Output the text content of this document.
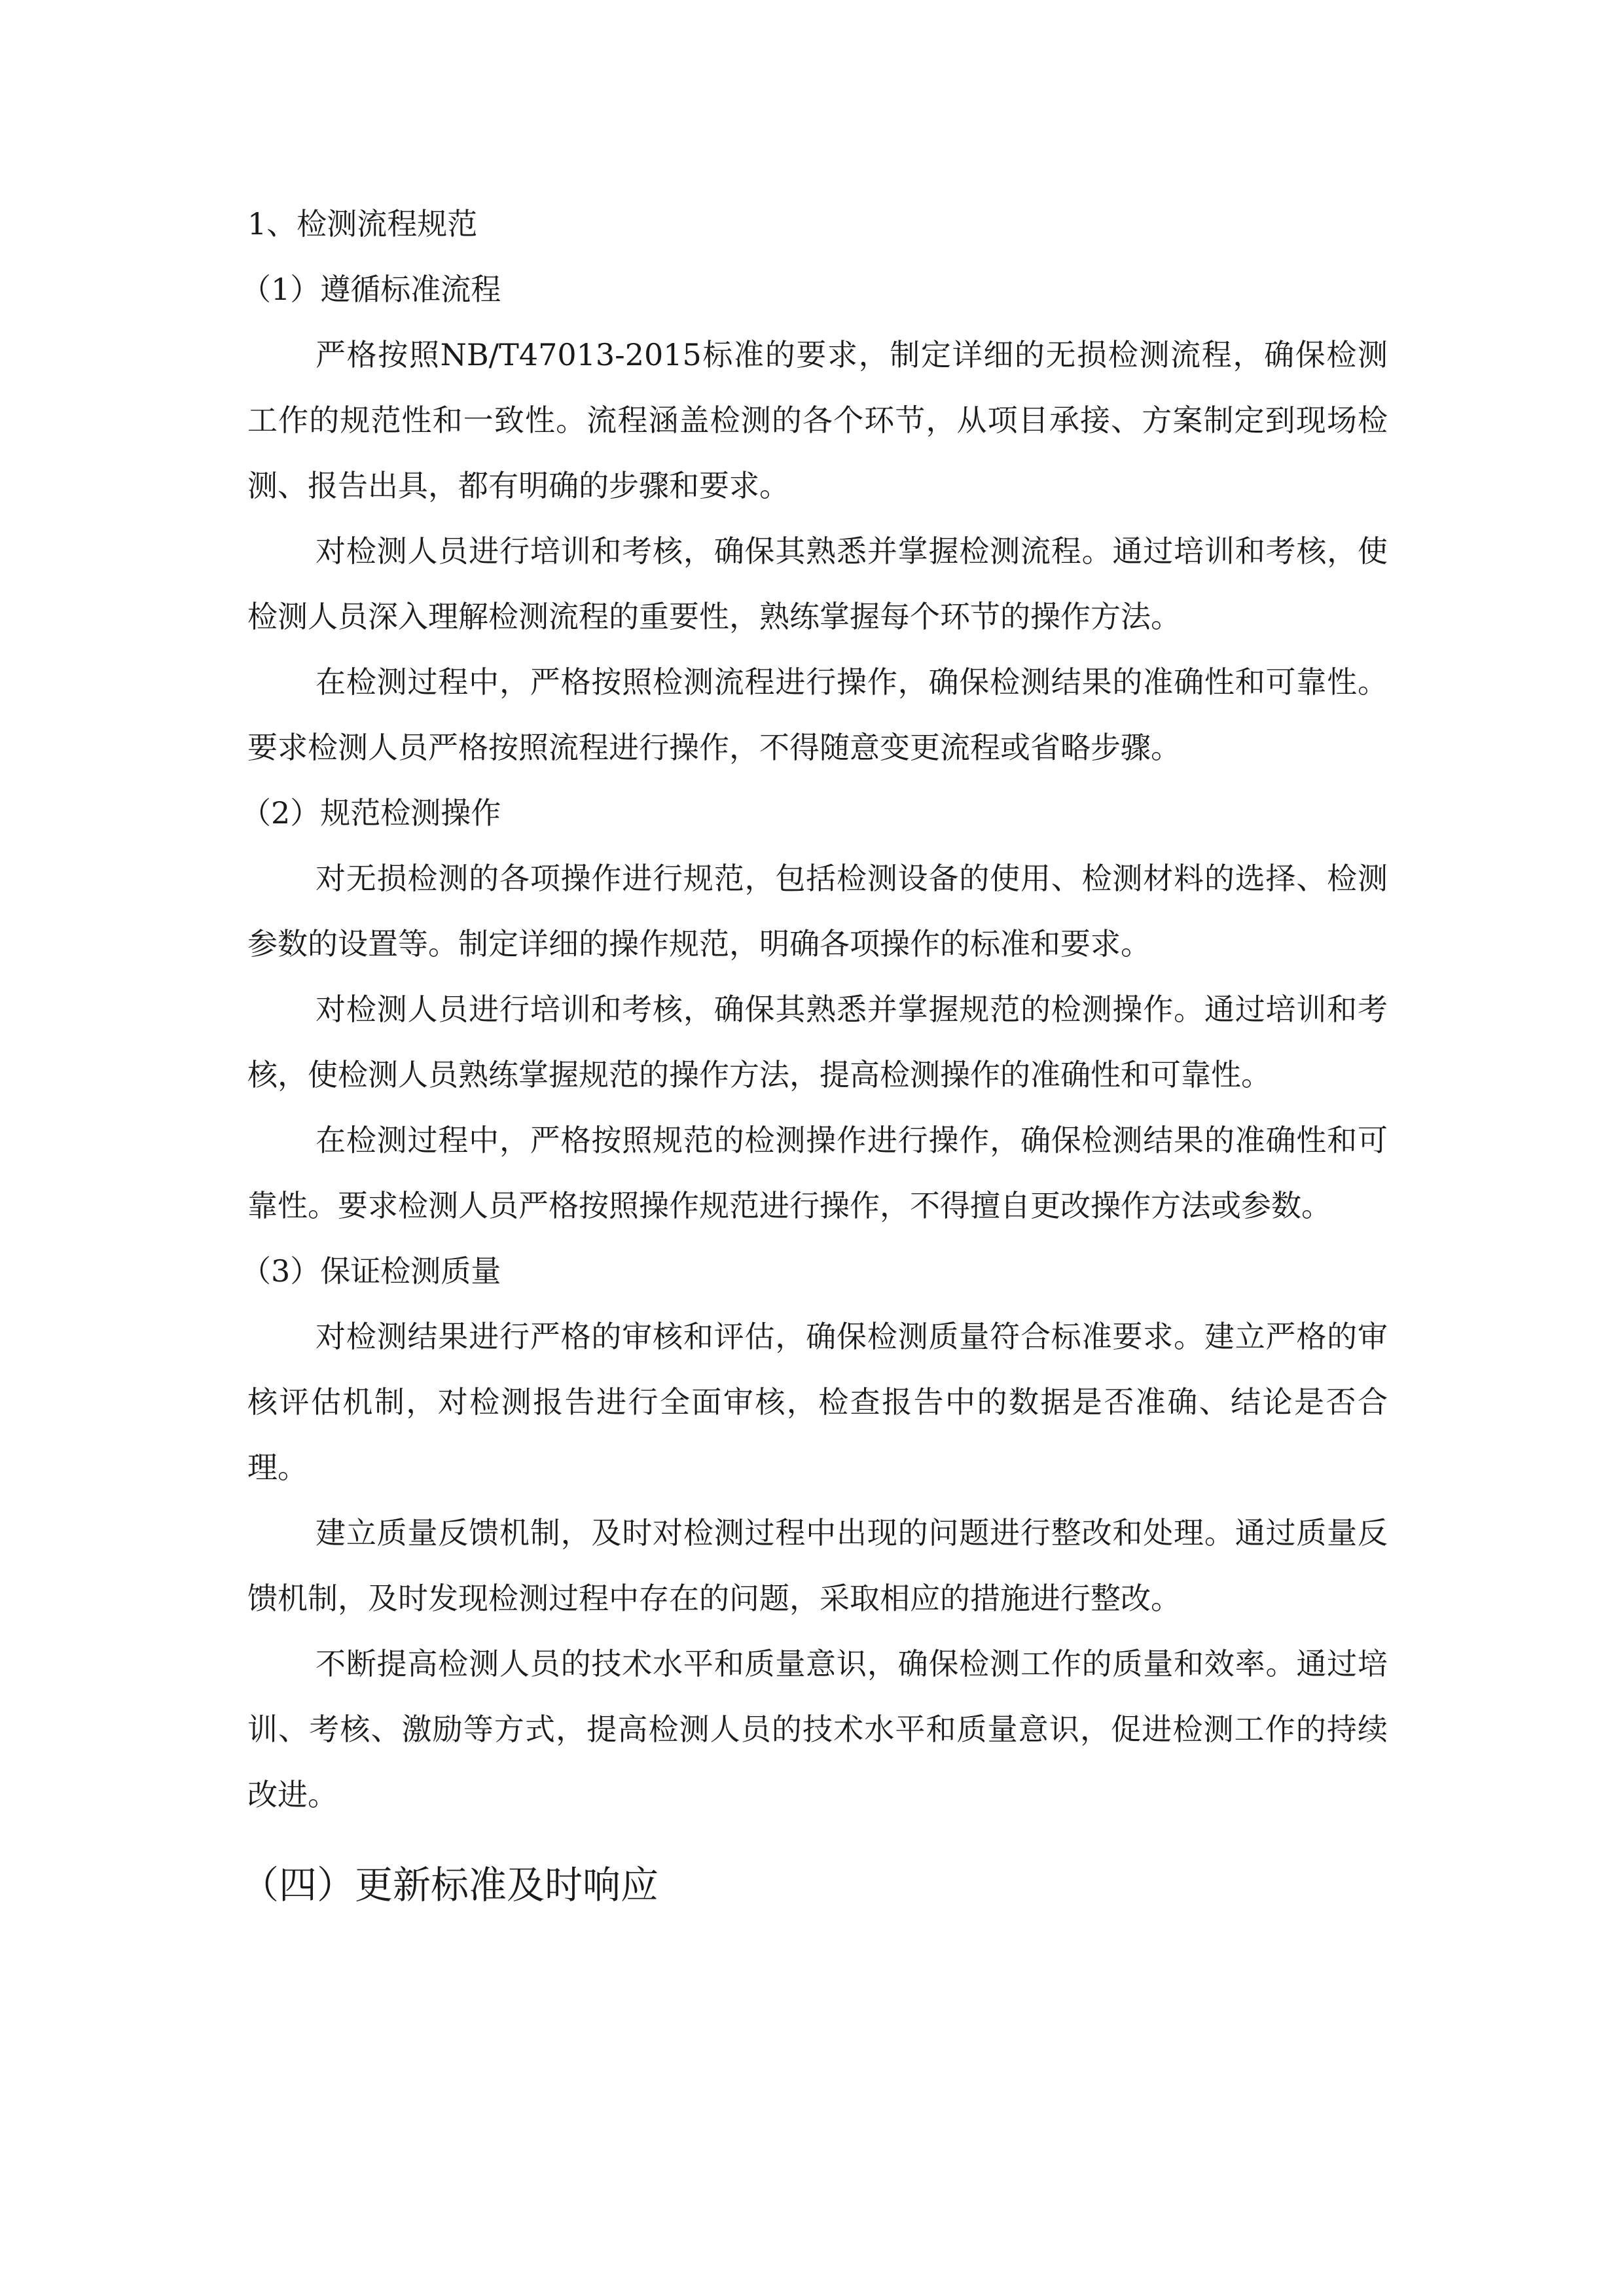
1、检测流程规范
（1）遵循标准流程

严格按照NB/T47013-2015标准的要求，制定详细的无损检测流程，确保检测工作的规范性和一致性。流程涵盖检测的各个环节，从项目承接、方案制定到现场检测、报告出具，都有明确的步骤和要求。

对检测人员进行培训和考核，确保其熟悉并掌握检测流程。通过培训和考核，使检测人员深入理解检测流程的重要性，熟练掌握每个环节的操作方法。

在检测过程中，严格按照检测流程进行操作，确保检测结果的准确性和可靠性。要求检测人员严格按照流程进行操作，不得随意变更流程或省略步骤。

（2）规范检测操作

对无损检测的各项操作进行规范，包括检测设备的使用、检测材料的选择、检测参数的设置等。制定详细的操作规范，明确各项操作的标准和要求。

对检测人员进行培训和考核，确保其熟悉并掌握规范的检测操作。通过培训和考核，使检测人员熟练掌握规范的操作方法，提高检测操作的准确性和可靠性。

在检测过程中，严格按照规范的检测操作进行操作，确保检测结果的准确性和可靠性。要求检测人员严格按照操作规范进行操作，不得擅自更改操作方法或参数。

（3）保证检测质量

对检测结果进行严格的审核和评估，确保检测质量符合标准要求。建立严格的审核评估机制，对检测报告进行全面审核，检查报告中的数据是否准确、结论是否合理。

建立质量反馈机制，及时对检测过程中出现的问题进行整改和处理。通过质量反馈机制，及时发现检测过程中存在的问题，采取相应的措施进行整改。

不断提高检测人员的技术水平和质量意识，确保检测工作的质量和效率。通过培训、考核、激励等方式，提高检测人员的技术水平和质量意识，促进检测工作的持续改进。

（四）更新标准及时响应
